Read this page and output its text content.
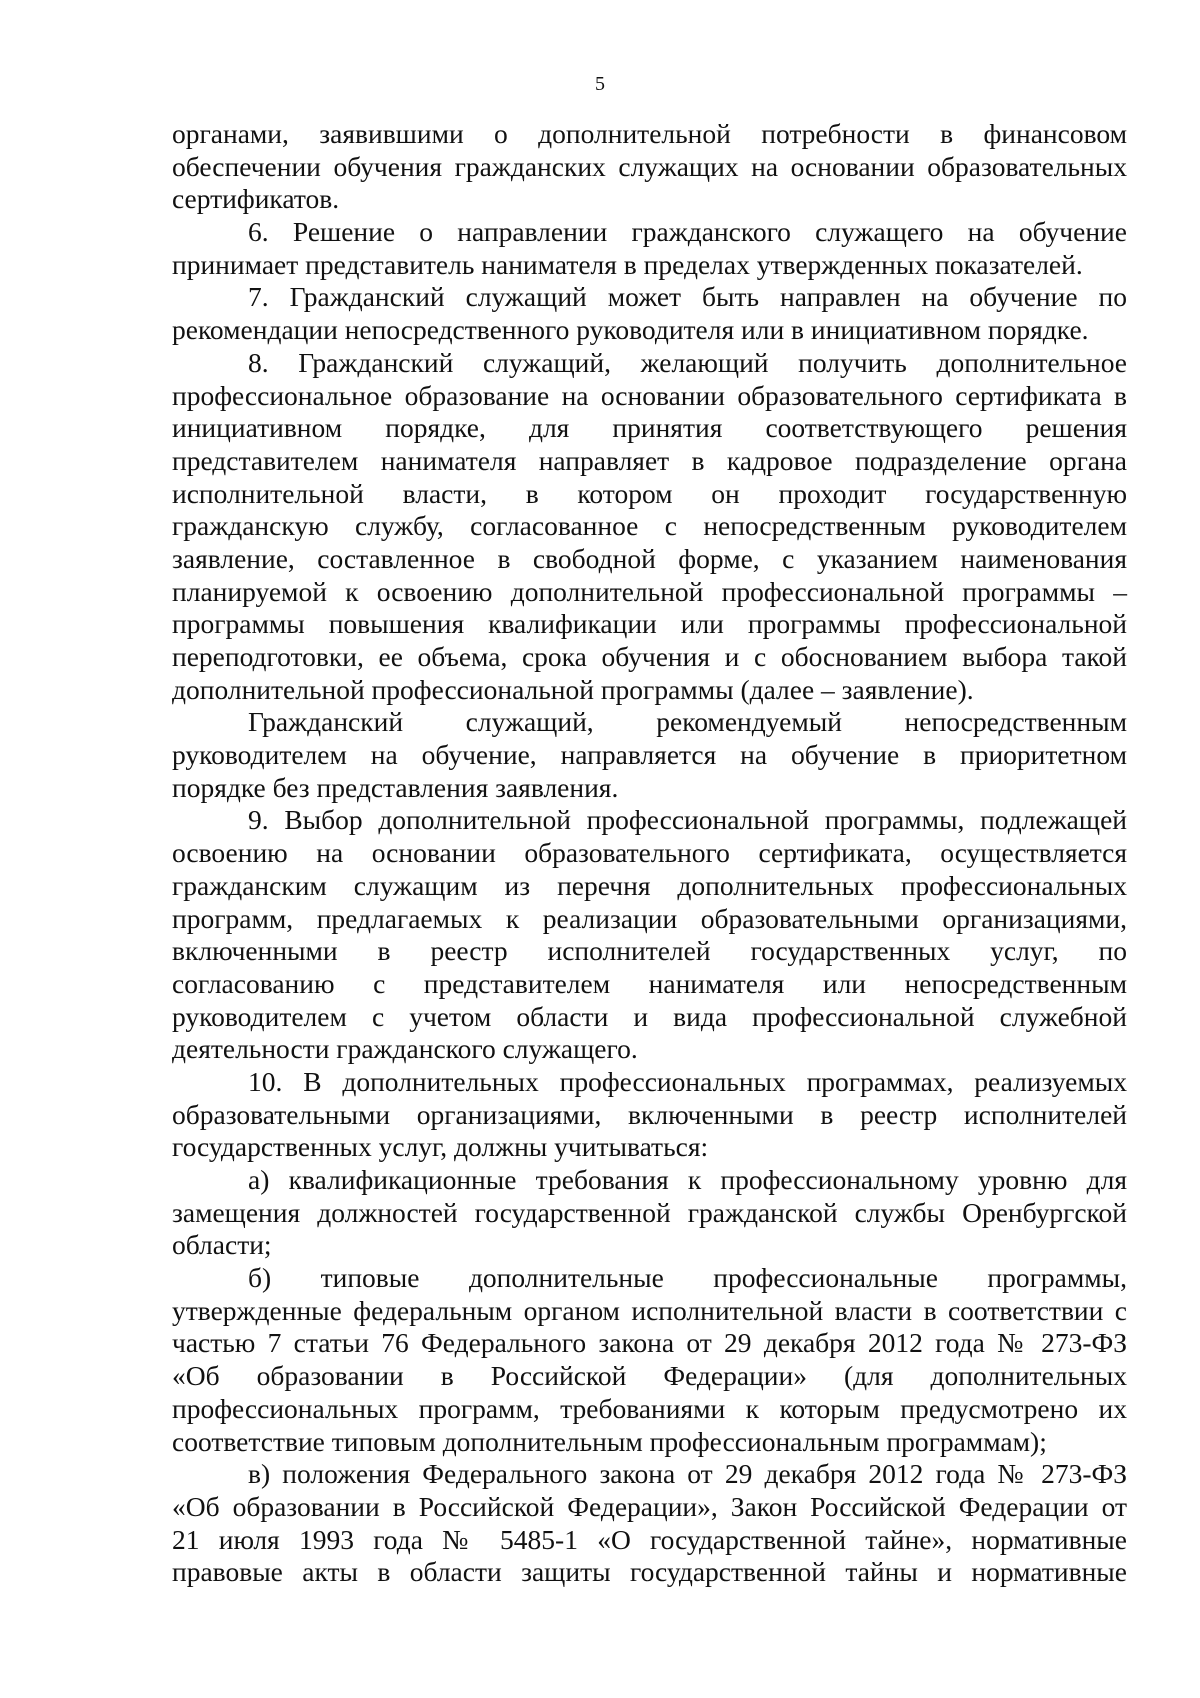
5
органами, заявившими о дополнительной потребности в финансовом
обеспечении обучения гражданских служащих на основании образовательных
сертификатов.
6. Решение о направлении гражданского служащего на обучение
принимает представитель нанимателя в пределах утвержденных показателей.
7. Гражданский служащий может быть направлен на обучение по
рекомендации непосредственного руководителя или в инициативном порядке.
8. Гражданский служащий, желающий получить дополнительное
профессиональное образование на основании образовательного сертификата в
инициативном порядке, для принятия соответствующего решения
представителем нанимателя направляет в кадровое подразделение органа
исполнительной власти, в котором он проходит государственную
гражданскую службу, согласованное с непосредственным руководителем
заявление, составленное в свободной форме, с указанием наименования
планируемой к освоению дополнительной профессиональной программы –
программы повышения квалификации или программы профессиональной
переподготовки, ее объема, срока обучения и с обоснованием выбора такой
дополнительной профессиональной программы (далее – заявление).
Гражданский служащий, рекомендуемый непосредственным
руководителем на обучение, направляется на обучение в приоритетном
порядке без представления заявления.
9. Выбор дополнительной профессиональной программы, подлежащей
освоению на основании образовательного сертификата, осуществляется
гражданским служащим из перечня дополнительных профессиональных
программ, предлагаемых к реализации образовательными организациями,
включенными в реестр исполнителей государственных услуг, по
согласованию с представителем нанимателя или непосредственным
руководителем с учетом области и вида профессиональной служебной
деятельности гражданского служащего.
10. В дополнительных профессиональных программах, реализуемых
образовательными организациями, включенными в реестр исполнителей
государственных услуг, должны учитываться:
а) квалификационные требования к профессиональному уровню для
замещения должностей государственной гражданской службы Оренбургской
области;
б) типовые дополнительные профессиональные программы,
утвержденные федеральным органом исполнительной власти в соответствии с
частью 7 статьи 76 Федерального закона от 29 декабря 2012 года № 273-ФЗ
«Об образовании в Российской Федерации» (для дополнительных
профессиональных программ, требованиями к которым предусмотрено их
соответствие типовым дополнительным профессиональным программам);
в) положения Федерального закона от 29 декабря 2012 года № 273-ФЗ
«Об образовании в Российской Федерации», Закон Российской Федерации от
21 июля 1993 года № 5485-1 «О государственной тайне», нормативные
правовые акты в области защиты государственной тайны и нормативные
